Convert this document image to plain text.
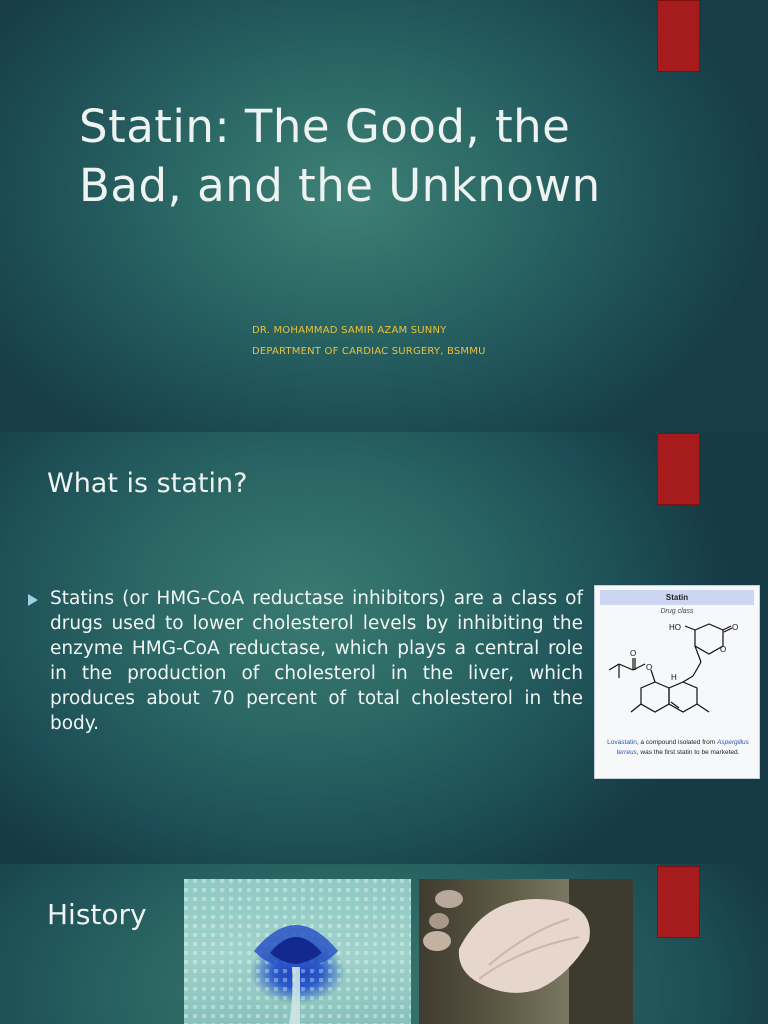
Statin: The Good, the Bad, and the Unknown
DR. MOHAMMAD SAMIR AZAM SUNNY
DEPARTMENT OF CARDIAC SURGERY, BSMMU
What is statin?

Statins (or HMG-CoA reductase inhibitors) are a class of drugs used to lower cholesterol levels by inhibiting the enzyme HMG-CoA reductase, which plays a central role in the production of cholesterol in the liver, which produces about 70 percent of total cholesterol in the body.

Statin
Drug class
HO	O
O
O
O
H
Lovastatin, a compound isolated from Aspergillus terreus, was the first statin to be marketed.
History
